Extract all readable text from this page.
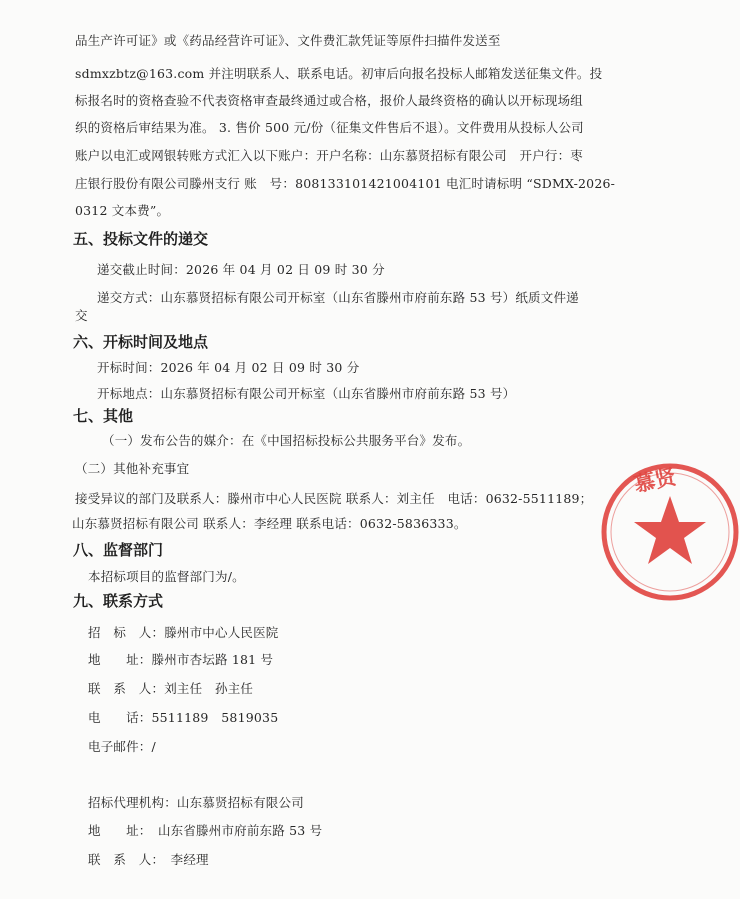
品生产许可证》或《药品经营许可证》、文件费汇款凭证等原件扫描件发送至
sdmxzbtz@163.com 并注明联系人、联系电话。初审后向报名投标人邮箱发送征集文件。投
标报名时的资格查验不代表资格审查最终通过或合格，报价人最终资格的确认以开标现场组
织的资格后审结果为准。 3. 售价 500 元/份（征集文件售后不退）。文件费用从投标人公司
账户以电汇或网银转账方式汇入以下账户：开户名称：山东慕贤招标有限公司　开户行：枣
庄银行股份有限公司滕州支行 账　号：808133101421004101 电汇时请标明 “SDMX-2026-
0312 文本费”。
五、投标文件的递交
递交截止时间：2026 年 04 月 02 日 09 时 30 分
递交方式：山东慕贤招标有限公司开标室（山东省滕州市府前东路 53 号）纸质文件递
交
六、开标时间及地点
开标时间：2026 年 04 月 02 日 09 时 30 分
开标地点：山东慕贤招标有限公司开标室（山东省滕州市府前东路 53 号）
七、其他
（一）发布公告的媒介：在《中国招标投标公共服务平台》发布。
（二）其他补充事宜
接受异议的部门及联系人：滕州市中心人民医院 联系人：刘主任　电话：0632-5511189；
山东慕贤招标有限公司 联系人：李经理 联系电话：0632-5836333。
八、监督部门
本招标项目的监督部门为/。
九、联系方式
招　标　人：滕州市中心人民医院
地　　址：滕州市杏坛路 181 号
联　系　人：刘主任　孙主任
电　　话：5511189　5819035
电子邮件：/
招标代理机构：山东慕贤招标有限公司
地　　址：　山东省滕州市府前东路 53 号
联　系　人：　李经理
慕贤
